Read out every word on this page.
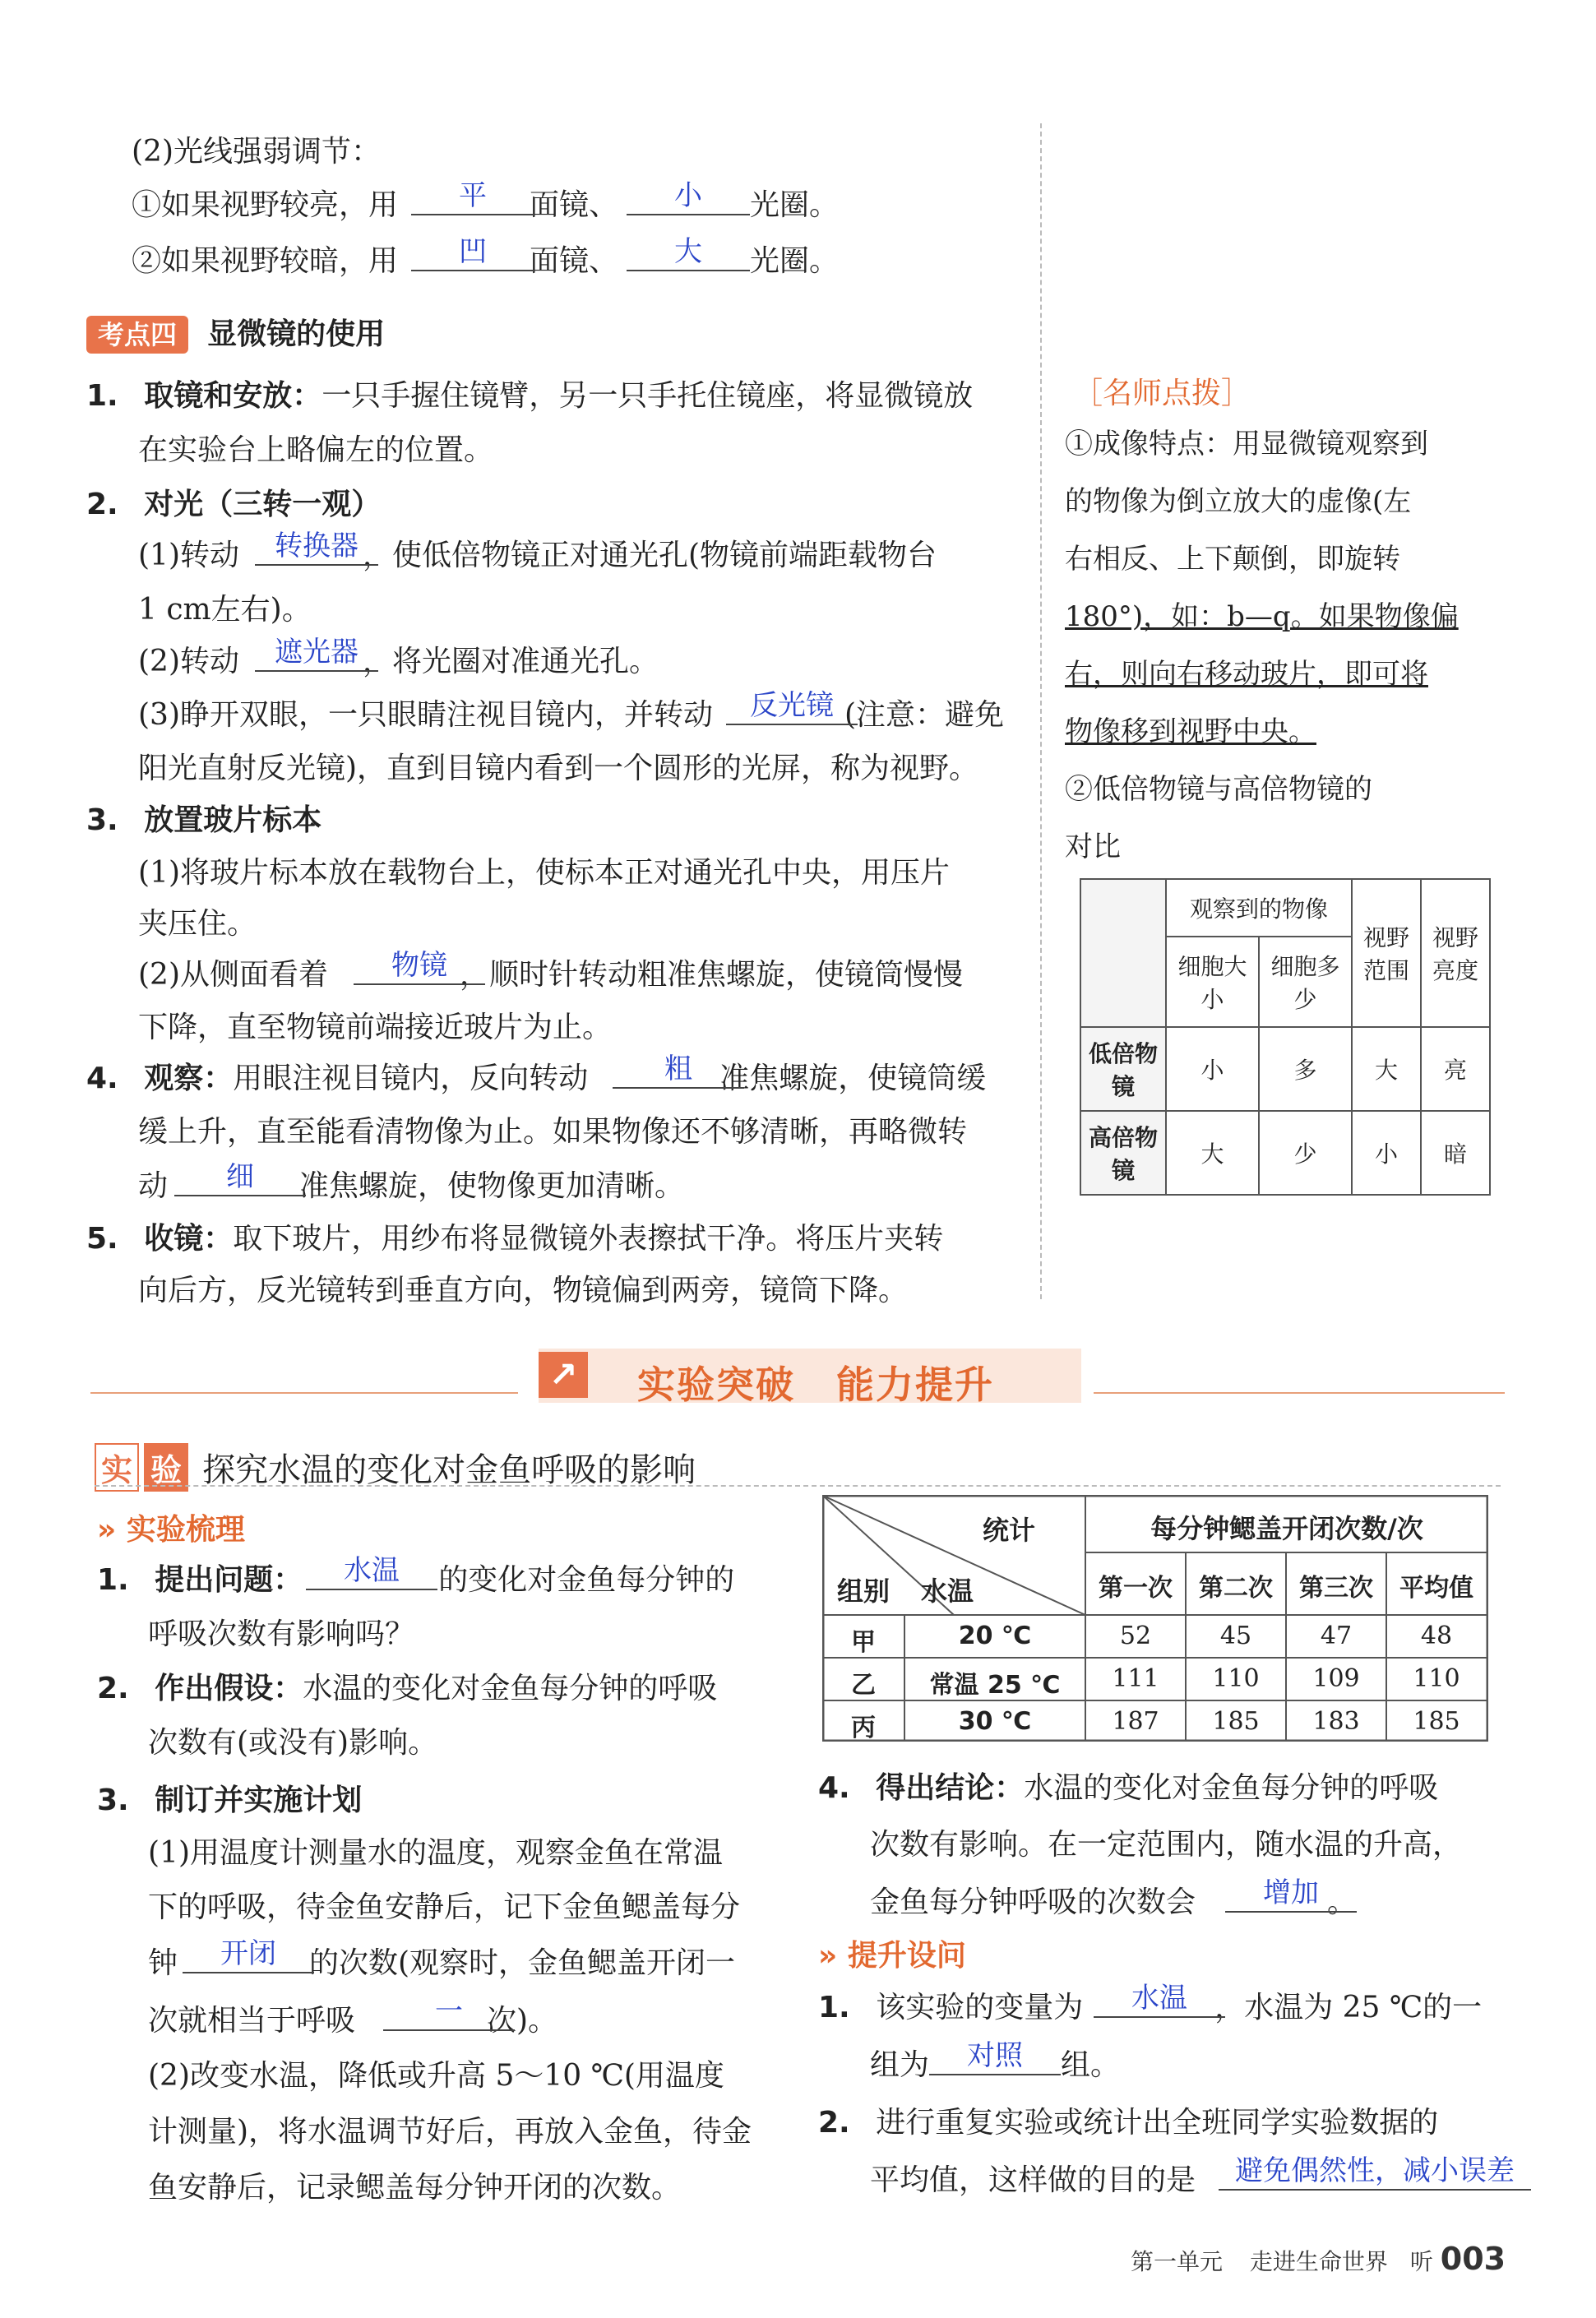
(2)光线强弱调节：
①如果视野较亮，用	面镜、	光圈。
平	小
②如果视野较暗，用	面镜、	光圈。
凹	大
考点四 显微镜的使用
1. 取镜和安放：一只手握住镜臂，另一只手托住镜座，将显微镜放
在实验台上略偏左的位置。
2. 对光（三转一观）
(1)转动	，使低倍物镜正对通光孔(物镜前端距载物台
转换器
1 cm左右)。
(2)转动	，将光圈对准通光孔。
遮光器
(3)睁开双眼，一只眼睛注视目镜内，并转动	(注意：避免
反光镜
阳光直射反光镜)，直到目镜内看到一个圆形的光屏，称为视野。
3. 放置玻片标本
(1)将玻片标本放在载物台上，使标本正对通光孔中央，用压片
夹压住。
(2)从侧面看着	，顺时针转动粗准焦螺旋，使镜筒慢慢
物镜
下降，直至物镜前端接近玻片为止。
4. 观察：用眼注视目镜内，反向转动	准焦螺旋，使镜筒缓
粗
缓上升，直至能看清物像为止。如果物像还不够清晰，再略微转
动	准焦螺旋，使物像更加清晰。
细
5. 收镜：取下玻片，用纱布将显微镜外表擦拭干净。将压片夹转
向后方，反光镜转到垂直方向，物镜偏到两旁，镜筒下降。
［名师点拨］
①成像特点：用显微镜观察到
的物像为倒立放大的虚像(左
右相反、上下颠倒，即旋转
180°)，如：b—q。如果物像偏
右，则向右移动玻片，即可将
物像移到视野中央。
②低倍物镜与高倍物镜的
对比
	观察到的物像		视野范围	视野亮度
	细胞大小	细胞多少		
低倍物镜	小	多	大	亮
高倍物镜	大	少	小	暗
↗ 实验突破 能力提升
实 验 探究水温的变化对金鱼呼吸的影响
» 实验梳理
1. 提出问题：	的变化对金鱼每分钟的
水温
呼吸次数有影响吗？
2. 作出假设：水温的变化对金鱼每分钟的呼吸
次数有(或没有)影响。
3. 制订并实施计划
(1)用温度计测量水的温度，观察金鱼在常温
下的呼吸，待金鱼安静后，记下金鱼鳃盖每分
钟	的次数(观察时，金鱼鳃盖开闭一
开闭
次就相当于呼吸	次)。
一
(2)改变水温，降低或升高 5～10 ℃(用温度
计测量)，将水温调节好后，再放入金鱼，待金
鱼安静后，记录鳃盖每分钟开闭的次数。
统计
组别 水温
每分钟鳃盖开闭次数/次
第一次	第二次	第三次	平均值
甲	20 ℃	52	45	47	48
乙	常温 25 ℃	111	110	109	110
丙	30 ℃	187	185	183	185
4. 得出结论：水温的变化对金鱼每分钟的呼吸
次数有影响。在一定范围内，随水温的升高，
金鱼每分钟呼吸的次数会	。
增加
» 提升设问
1. 该实验的变量为	，水温为 25 ℃的一
水温
组为	组。
对照
2. 进行重复实验或统计出全班同学实验数据的
平均值，这样做的目的是	避免偶然性，减小误差
第一单元 走进生命世界 听 003
